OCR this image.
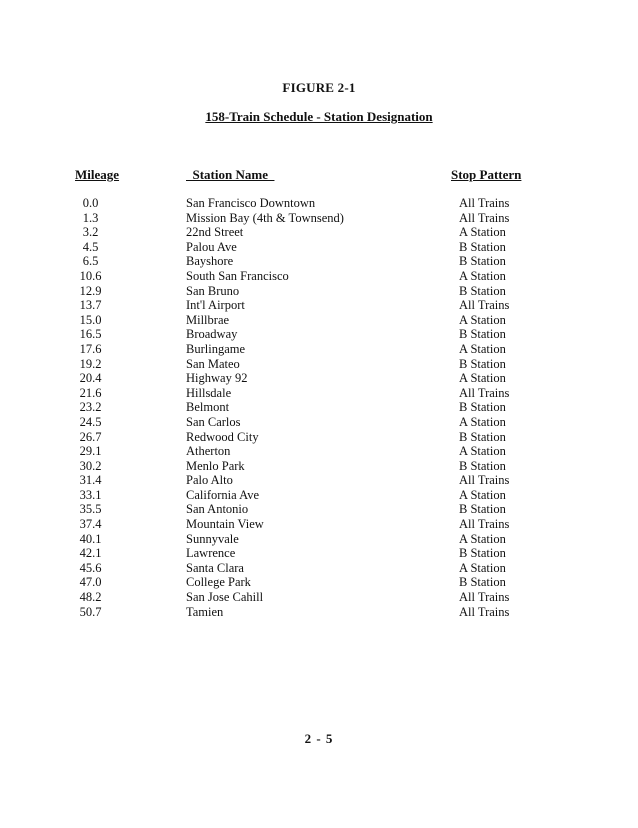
FIGURE 2-1
158-Train Schedule - Station Designation
Mileage	Station Name	Stop Pattern
0.0	San Francisco Downtown	All Trains
1.3	Mission Bay (4th & Townsend)	All Trains
3.2	22nd Street	A Station
4.5	Palou Ave	B Station
6.5	Bayshore	B Station
10.6	South San Francisco	A Station
12.9	San Bruno	B Station
13.7	Int'l Airport	All Trains
15.0	Millbrae	A Station
16.5	Broadway	B Station
17.6	Burlingame	A Station
19.2	San Mateo	B Station
20.4	Highway 92	A Station
21.6	Hillsdale	All Trains
23.2	Belmont	B Station
24.5	San Carlos	A Station
26.7	Redwood City	B Station
29.1	Atherton	A Station
30.2	Menlo Park	B Station
31.4	Palo Alto	All Trains
33.1	California Ave	A Station
35.5	San Antonio	B Station
37.4	Mountain View	All Trains
40.1	Sunnyvale	A Station
42.1	Lawrence	B Station
45.6	Santa Clara	A Station
47.0	College Park	B Station
48.2	San Jose Cahill	All Trains
50.7	Tamien	All Trains
2 - 5
